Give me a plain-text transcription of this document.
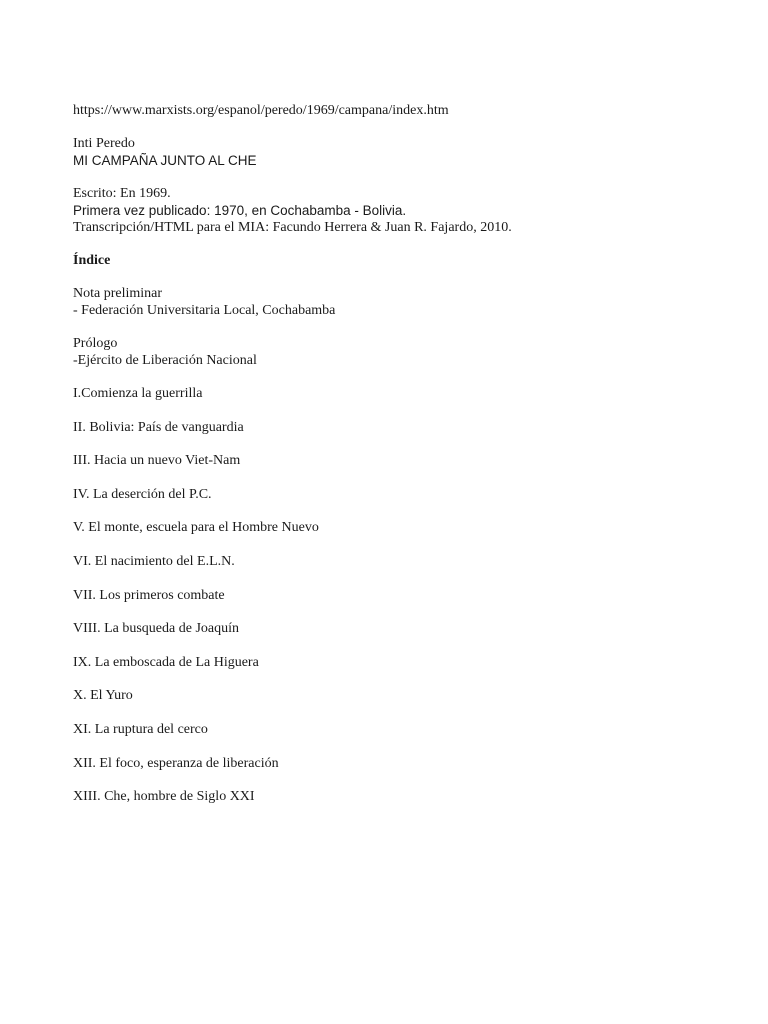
https://www.marxists.org/espanol/peredo/1969/campana/index.htm
Inti Peredo
MI CAMPAÑA JUNTO AL CHE
Escrito: En 1969.
Primera vez publicado: 1970, en Cochabamba - Bolivia.
Transcripción/HTML para el MIA: Facundo Herrera & Juan R. Fajardo, 2010.
Índice
Nota preliminar
- Federación Universitaria Local, Cochabamba
Prólogo
-Ejército de Liberación Nacional
I.Comienza la guerrilla
II. Bolivia: País de vanguardia
III. Hacia un nuevo Viet-Nam
IV. La deserción del P.C.
V. El monte, escuela para el Hombre Nuevo
VI. El nacimiento del E.L.N.
VII. Los primeros combate
VIII. La busqueda de Joaquín
IX. La emboscada de La Higuera
X. El Yuro
XI. La ruptura del cerco
XII. El foco, esperanza de liberación
XIII. Che, hombre de Siglo XXI
